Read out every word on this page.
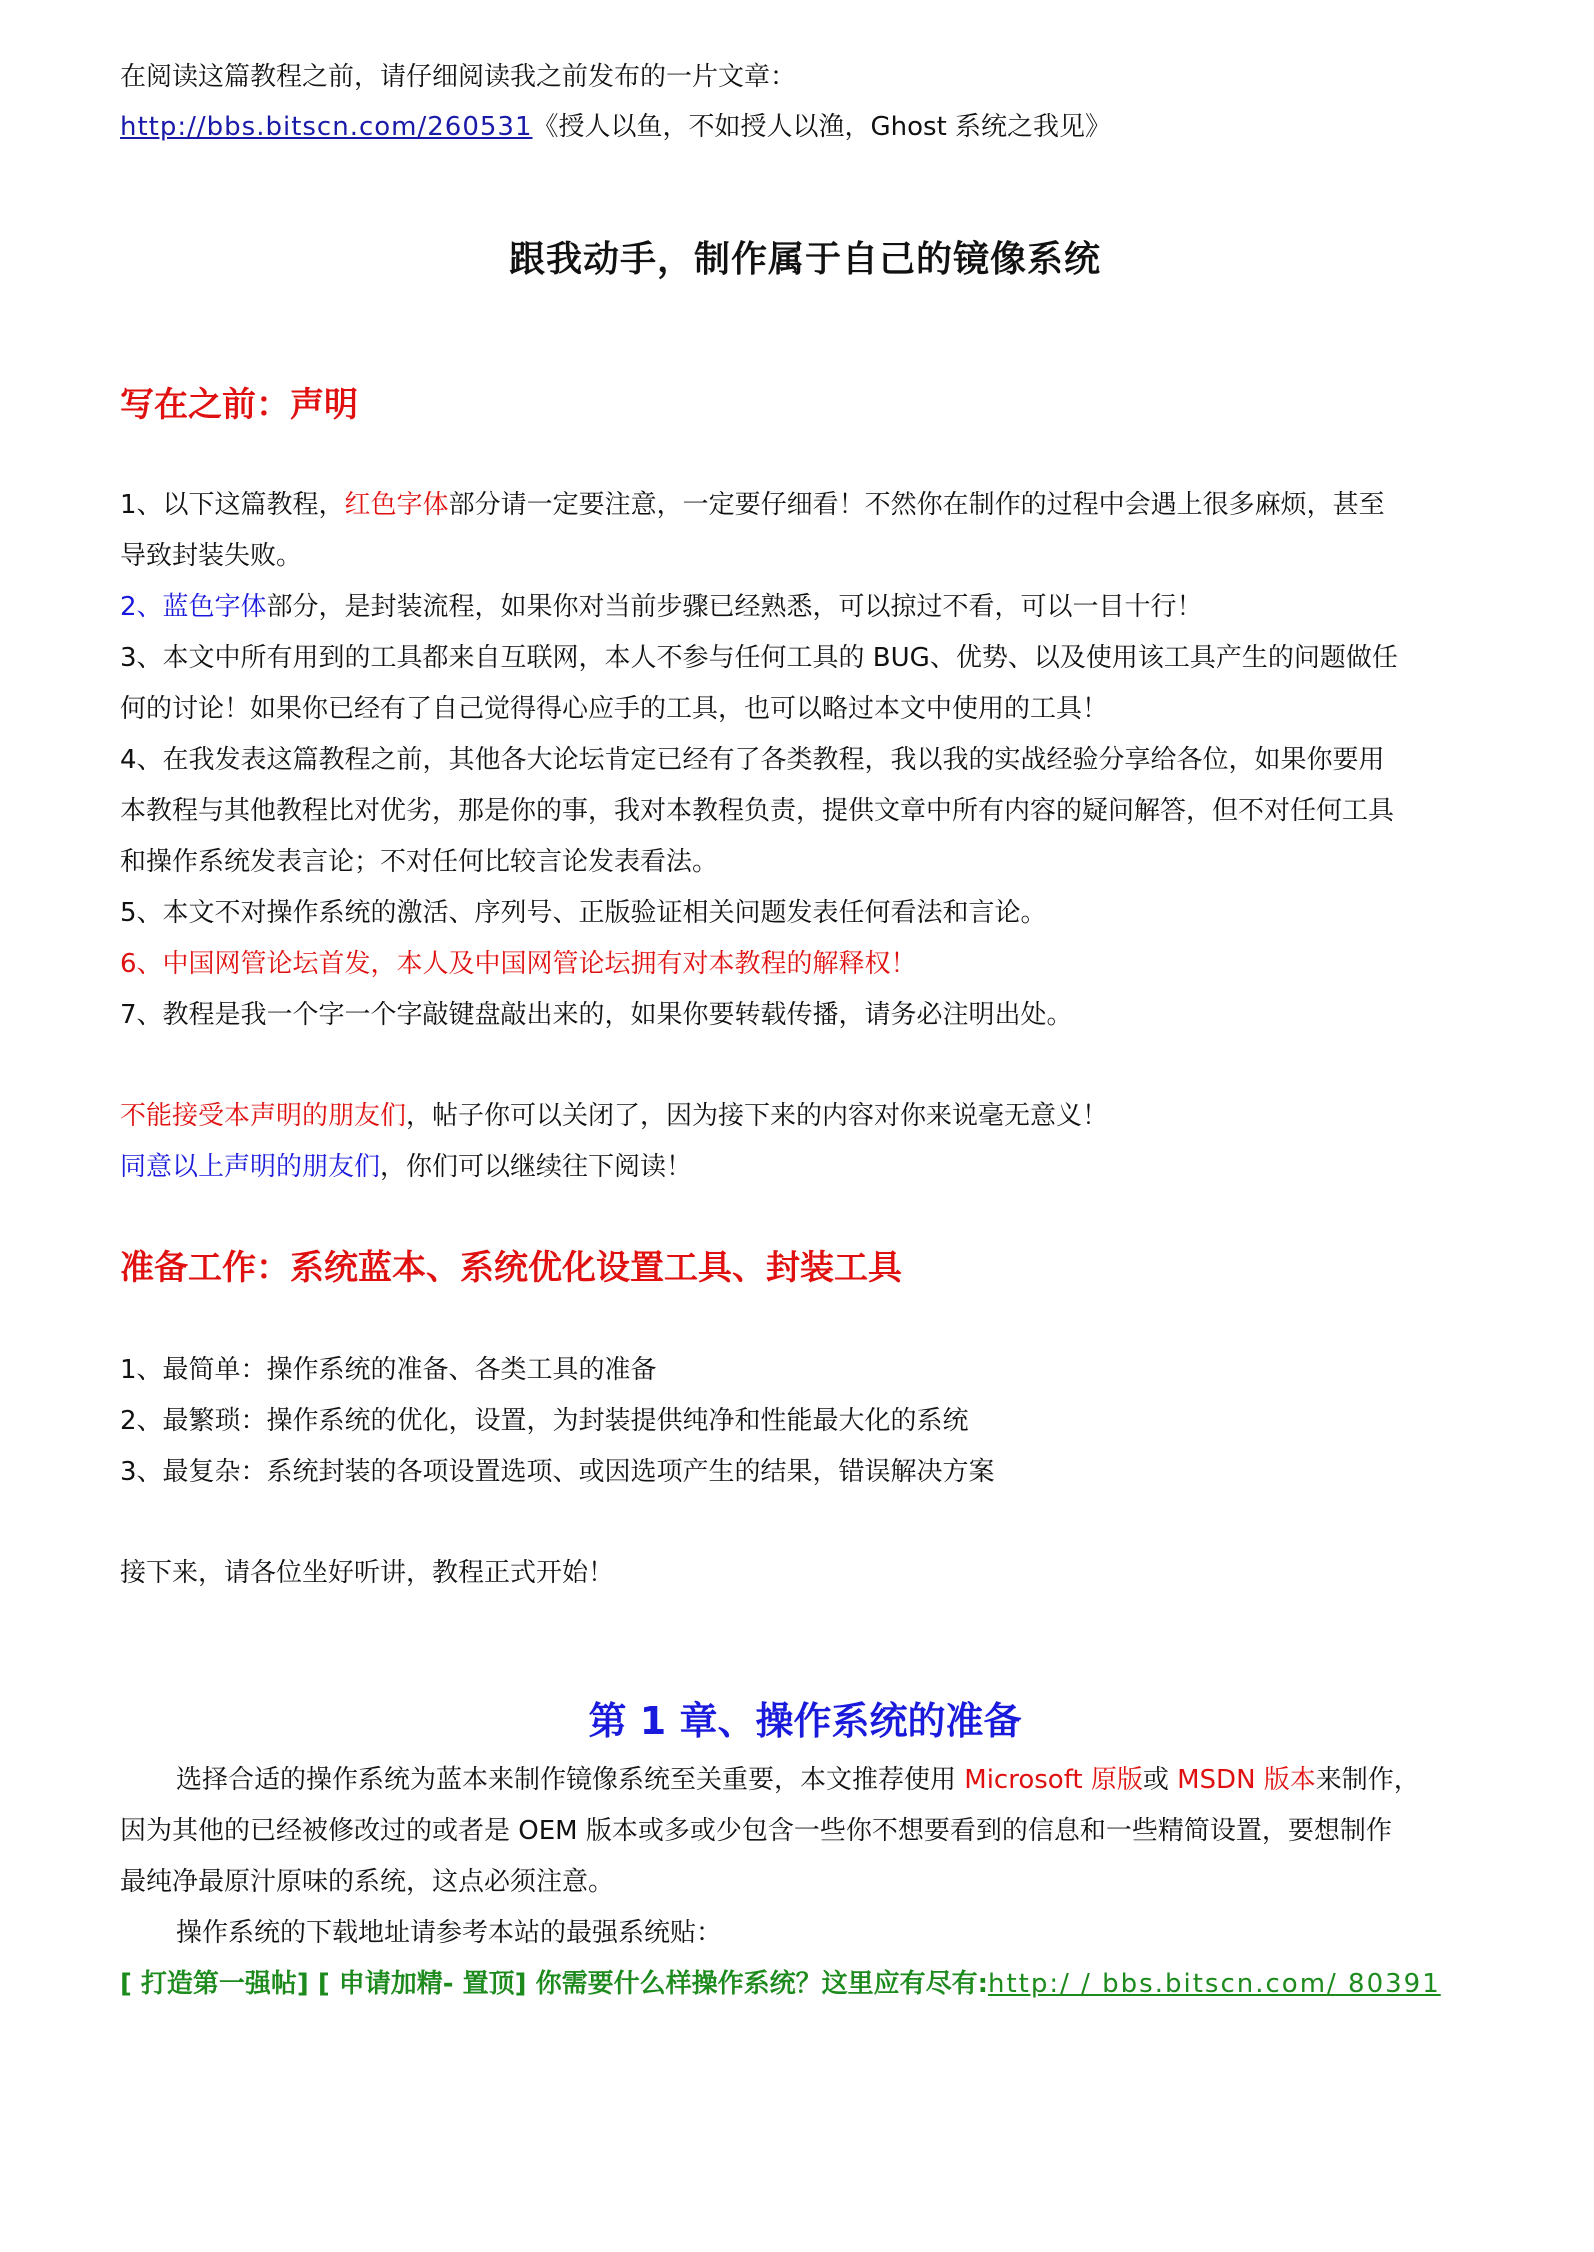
在阅读这篇教程之前，请仔细阅读我之前发布的一片文章：
http://bbs.bitscn.com/260531《授人以鱼，不如授人以渔，Ghost 系统之我见》
跟我动手，制作属于自己的镜像系统
写在之前：声明
1、以下这篇教程，红色字体部分请一定要注意，一定要仔细看！不然你在制作的过程中会遇上很多麻烦，甚至
导致封装失败。
2、蓝色字体部分，是封装流程，如果你对当前步骤已经熟悉，可以掠过不看，可以一目十行！
3、本文中所有用到的工具都来自互联网，本人不参与任何工具的 BUG、优势、以及使用该工具产生的问题做任
何的讨论！如果你已经有了自己觉得得心应手的工具，也可以略过本文中使用的工具！
4、在我发表这篇教程之前，其他各大论坛肯定已经有了各类教程，我以我的实战经验分享给各位，如果你要用
本教程与其他教程比对优劣，那是你的事，我对本教程负责，提供文章中所有内容的疑问解答，但不对任何工具
和操作系统发表言论；不对任何比较言论发表看法。
5、本文不对操作系统的激活、序列号、正版验证相关问题发表任何看法和言论。
6、中国网管论坛首发，本人及中国网管论坛拥有对本教程的解释权！
7、教程是我一个字一个字敲键盘敲出来的，如果你要转载传播，请务必注明出处。
不能接受本声明的朋友们，帖子你可以关闭了，因为接下来的内容对你来说毫无意义！
同意以上声明的朋友们，你们可以继续往下阅读！
准备工作：系统蓝本、系统优化设置工具、封装工具
1、最简单：操作系统的准备、各类工具的准备
2、最繁琐：操作系统的优化，设置，为封装提供纯净和性能最大化的系统
3、最复杂：系统封装的各项设置选项、或因选项产生的结果，错误解决方案
接下来，请各位坐好听讲，教程正式开始！
第 1 章、操作系统的准备
选择合适的操作系统为蓝本来制作镜像系统至关重要，本文推荐使用 Microsoft 原版或 MSDN 版本来制作，
因为其他的已经被修改过的或者是 OEM 版本或多或少包含一些你不想要看到的信息和一些精简设置，要想制作
最纯净最原汁原味的系统，这点必须注意。
操作系统的下载地址请参考本站的最强系统贴：
[ 打造第一强帖] [ 申请加精- 置顶] 你需要什么样操作系统？这里应有尽有:http:/ / bbs.bitscn.com/ 80391
